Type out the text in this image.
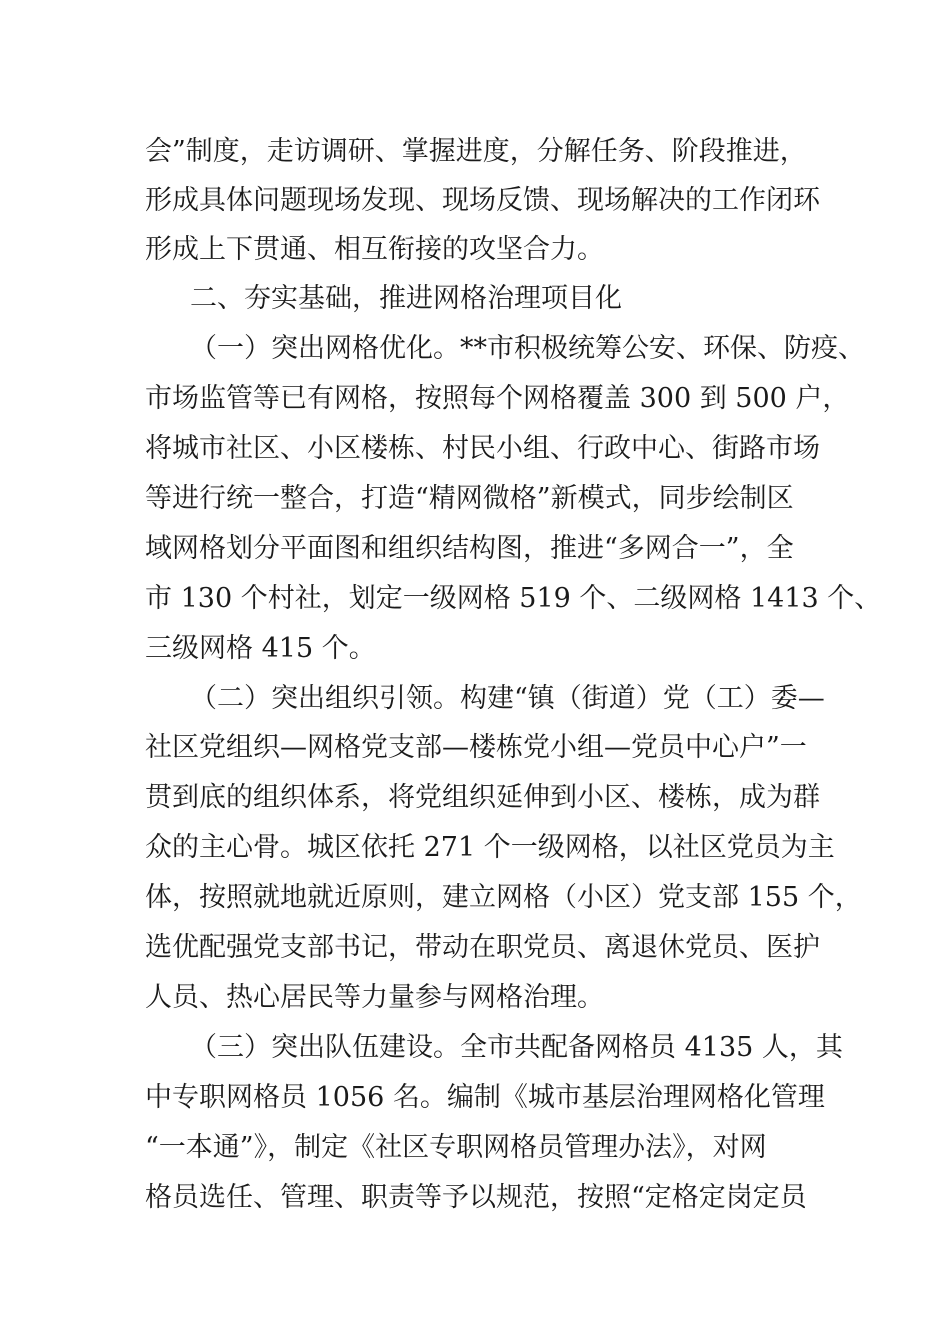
会”制度，走访调研、掌握进度，分解任务、阶段推进，
形成具体问题现场发现、现场反馈、现场解决的工作闭环
形成上下贯通、相互衔接的攻坚合力。
二、夯实基础，推进网格治理项目化
（一）突出网格优化。**市积极统筹公安、环保、防疫、
市场监管等已有网格，按照每个网格覆盖 300 到 500 户，
将城市社区、小区楼栋、村民小组、行政中心、街路市场
等进行统一整合，打造“精网微格”新模式，同步绘制区
域网格划分平面图和组织结构图，推进“多网合一”，全
市 130 个村社，划定一级网格 519 个、二级网格 1413 个、
三级网格 415 个。
（二）突出组织引领。构建“镇（街道）党（工）委—
社区党组织—网格党支部—楼栋党小组—党员中心户”一
贯到底的组织体系，将党组织延伸到小区、楼栋，成为群
众的主心骨。城区依托 271 个一级网格，以社区党员为主
体，按照就地就近原则，建立网格（小区）党支部 155 个，
选优配强党支部书记，带动在职党员、离退休党员、医护
人员、热心居民等力量参与网格治理。
（三）突出队伍建设。全市共配备网格员 4135 人，其
中专职网格员 1056 名。编制《城市基层治理网格化管理
“一本通”》，制定《社区专职网格员管理办法》，对网
格员选任、管理、职责等予以规范，按照“定格定岗定员
